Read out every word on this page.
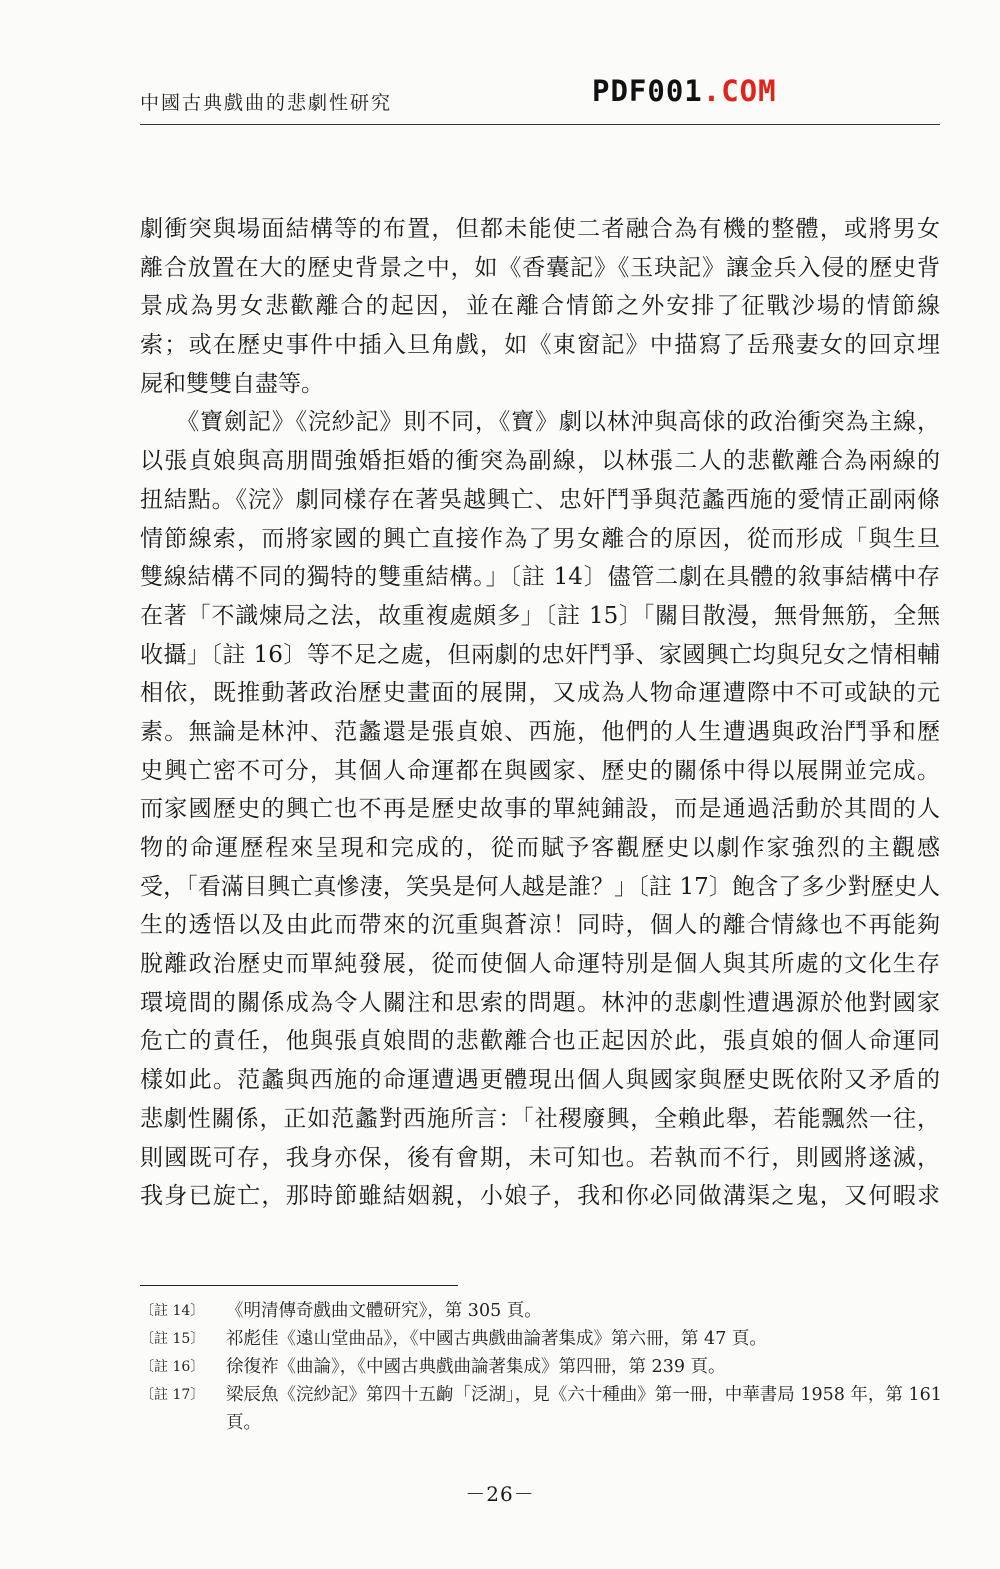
中國古典戲曲的悲劇性研究	PDF001.COM
劇衝突與場面結構等的布置，但都未能使二者融合為有機的整體，或將男女
離合放置在大的歷史背景之中，如《香囊記》《玉玦記》讓金兵入侵的歷史背
景成為男女悲歡離合的起因，並在離合情節之外安排了征戰沙場的情節線
索；或在歷史事件中插入旦角戲，如《東窗記》中描寫了岳飛妻女的回京埋
屍和雙雙自盡等。
　　《寶劍記》《浣紗記》則不同，《寶》劇以林沖與高俅的政治衝突為主線，
以張貞娘與高朋間強婚拒婚的衝突為副線，以林張二人的悲歡離合為兩線的
扭結點。《浣》劇同樣存在著吳越興亡、忠奸鬥爭與范蠡西施的愛情正副兩條
情節線索，而將家國的興亡直接作為了男女離合的原因，從而形成「與生旦
雙線結構不同的獨特的雙重結構。」〔註 14〕儘管二劇在具體的敘事結構中存
在著「不識煉局之法，故重複處頗多」〔註 15〕「關目散漫，無骨無筋，全無
收攝」〔註 16〕等不足之處，但兩劇的忠奸鬥爭、家國興亡均與兒女之情相輔
相依，既推動著政治歷史畫面的展開，又成為人物命運遭際中不可或缺的元
素。無論是林沖、范蠡還是張貞娘、西施，他們的人生遭遇與政治鬥爭和歷
史興亡密不可分，其個人命運都在與國家、歷史的關係中得以展開並完成。
而家國歷史的興亡也不再是歷史故事的單純鋪設，而是通過活動於其間的人
物的命運歷程來呈現和完成的，從而賦予客觀歷史以劇作家強烈的主觀感
受，「看滿目興亡真慘淒，笑吳是何人越是誰？」〔註 17〕飽含了多少對歷史人
生的透悟以及由此而帶來的沉重與蒼涼！同時，個人的離合情緣也不再能夠
脫離政治歷史而單純發展，從而使個人命運特別是個人與其所處的文化生存
環境間的關係成為令人關注和思索的問題。林沖的悲劇性遭遇源於他對國家
危亡的責任，他與張貞娘間的悲歡離合也正起因於此，張貞娘的個人命運同
樣如此。范蠡與西施的命運遭遇更體現出個人與國家與歷史既依附又矛盾的
悲劇性關係，正如范蠡對西施所言：「社稷廢興，全賴此舉，若能飄然一往，
則國既可存，我身亦保，後有會期，未可知也。若執而不行，則國將遂滅，
我身已旋亡，那時節雖結姻親，小娘子，我和你必同做溝渠之鬼，又何暇求
〔註 14〕	《明清傳奇戲曲文體研究》，第 305 頁。
〔註 15〕	祁彪佳《遠山堂曲品》，《中國古典戲曲論著集成》第六冊，第 47 頁。
〔註 16〕	徐復祚《曲論》，《中國古典戲曲論著集成》第四冊，第 239 頁。
〔註 17〕	梁辰魚《浣紗記》第四十五齣「泛湖」，見《六十種曲》第一冊，中華書局 1958 年，第 161 頁。
－26－
